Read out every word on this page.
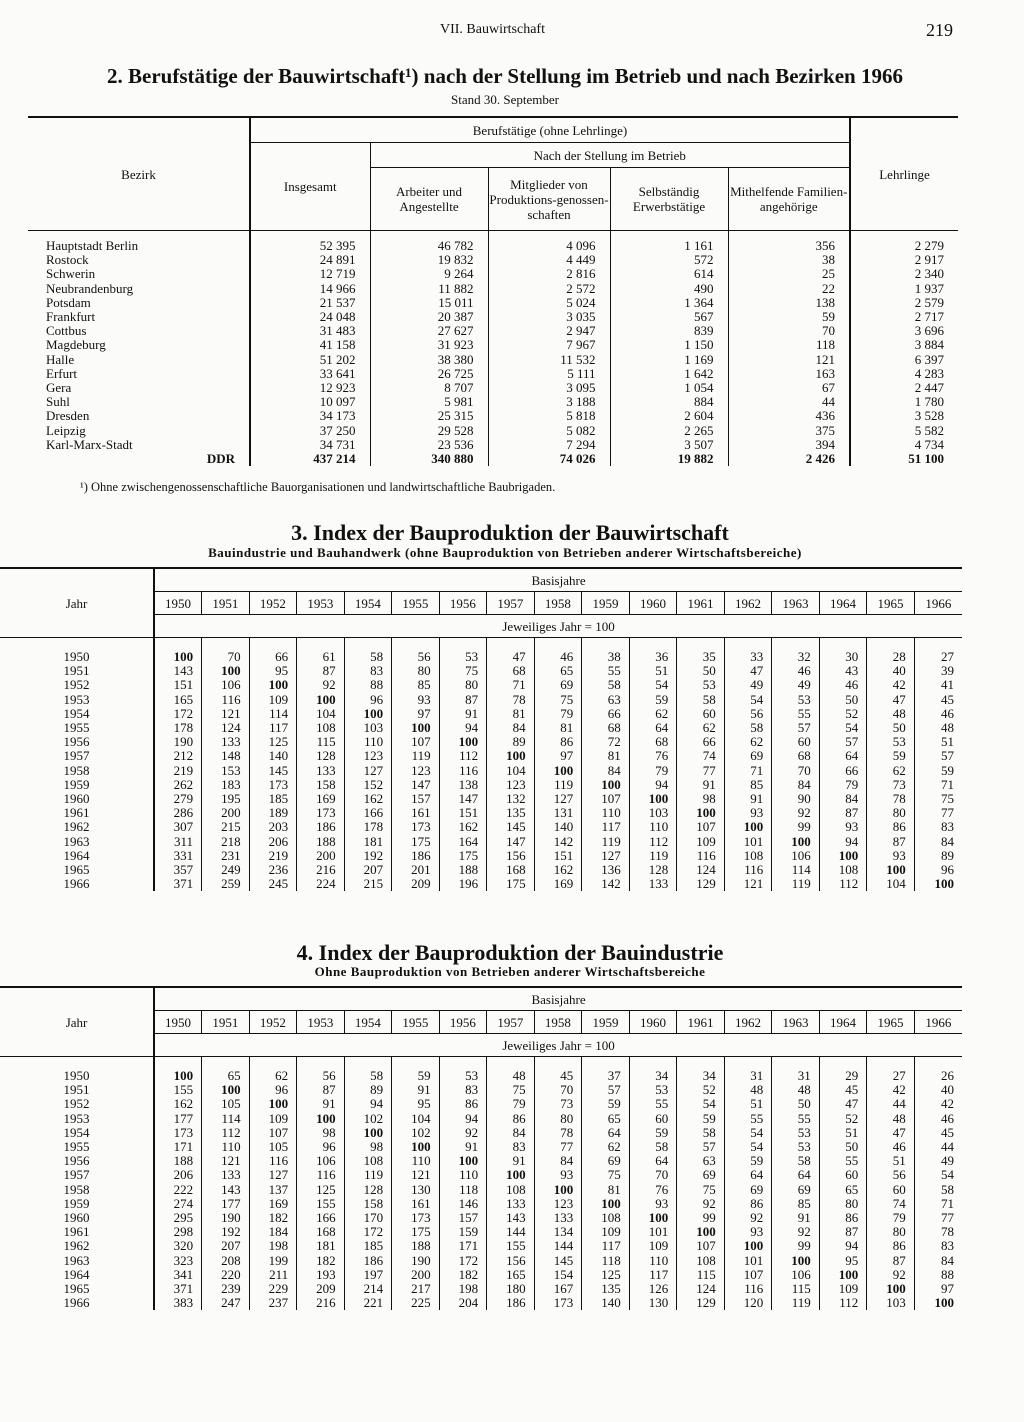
VII. Bauwirtschaft	219
2. Berufstätige der Bauwirtschaft¹) nach der Stellung im Betrieb und nach Bezirken 1966
Stand 30. September
Bezirk	Berufstätige (ohne Lehrlinge)					Lehrlinge
	Insgesamt	Nach der Stellung im Betrieb				
		Arbeiter und Angestellte	Mitglieder von Produktions-genossen-schaften	Selbständig Erwerbstätige	Mithelfende Familien-angehörige	
Hauptstadt Berlin	52 395	46 782	4 096	1 161	356	2 279
Rostock	24 891	19 832	4 449	572	38	2 917
Schwerin	12 719	9 264	2 816	614	25	2 340
Neubrandenburg	14 966	11 882	2 572	490	22	1 937
Potsdam	21 537	15 011	5 024	1 364	138	2 579
Frankfurt	24 048	20 387	3 035	567	59	2 717
Cottbus	31 483	27 627	2 947	839	70	3 696
Magdeburg	41 158	31 923	7 967	1 150	118	3 884
Halle	51 202	38 380	11 532	1 169	121	6 397
Erfurt	33 641	26 725	5 111	1 642	163	4 283
Gera	12 923	8 707	3 095	1 054	67	2 447
Suhl	10 097	5 981	3 188	884	44	1 780
Dresden	34 173	25 315	5 818	2 604	436	3 528
Leipzig	37 250	29 528	5 082	2 265	375	5 582
Karl-Marx-Stadt	34 731	23 536	7 294	3 507	394	4 734
DDR	437 214	340 880	74 026	19 882	2 426	51 100
¹) Ohne zwischengenossenschaftliche Bauorganisationen und landwirtschaftliche Baubrigaden.
3. Index der Bauproduktion der Bauwirtschaft
Bauindustrie und Bauhandwerk (ohne Bauproduktion von Betrieben anderer Wirtschaftsbereiche)
Jahr	Basisjahre																
	1950	1951	1952	1953	1954	1955	1956	1957	1958	1959	1960	1961	1962	1963	1964	1965	1966
	Jeweiliges Jahr = 100																
1950	100	70	66	61	58	56	53	47	46	38	36	35	33	32	30	28	27
1951	143	100	95	87	83	80	75	68	65	55	51	50	47	46	43	40	39
1952	151	106	100	92	88	85	80	71	69	58	54	53	49	49	46	42	41
1953	165	116	109	100	96	93	87	78	75	63	59	58	54	53	50	47	45
1954	172	121	114	104	100	97	91	81	79	66	62	60	56	55	52	48	46
1955	178	124	117	108	103	100	94	84	81	68	64	62	58	57	54	50	48
1956	190	133	125	115	110	107	100	89	86	72	68	66	62	60	57	53	51
1957	212	148	140	128	123	119	112	100	97	81	76	74	69	68	64	59	57
1958	219	153	145	133	127	123	116	104	100	84	79	77	71	70	66	62	59
1959	262	183	173	158	152	147	138	123	119	100	94	91	85	84	79	73	71
1960	279	195	185	169	162	157	147	132	127	107	100	98	91	90	84	78	75
1961	286	200	189	173	166	161	151	135	131	110	103	100	93	92	87	80	77
1962	307	215	203	186	178	173	162	145	140	117	110	107	100	99	93	86	83
1963	311	218	206	188	181	175	164	147	142	119	112	109	101	100	94	87	84
1964	331	231	219	200	192	186	175	156	151	127	119	116	108	106	100	93	89
1965	357	249	236	216	207	201	188	168	162	136	128	124	116	114	108	100	96
1966	371	259	245	224	215	209	196	175	169	142	133	129	121	119	112	104	100
4. Index der Bauproduktion der Bauindustrie
Ohne Bauproduktion von Betrieben anderer Wirtschaftsbereiche
Jahr	Basisjahre																
	1950	1951	1952	1953	1954	1955	1956	1957	1958	1959	1960	1961	1962	1963	1964	1965	1966
	Jeweiliges Jahr = 100																
1950	100	65	62	56	58	59	53	48	45	37	34	34	31	31	29	27	26
1951	155	100	96	87	89	91	83	75	70	57	53	52	48	48	45	42	40
1952	162	105	100	91	94	95	86	79	73	59	55	54	51	50	47	44	42
1953	177	114	109	100	102	104	94	86	80	65	60	59	55	55	52	48	46
1954	173	112	107	98	100	102	92	84	78	64	59	58	54	53	51	47	45
1955	171	110	105	96	98	100	91	83	77	62	58	57	54	53	50	46	44
1956	188	121	116	106	108	110	100	91	84	69	64	63	59	58	55	51	49
1957	206	133	127	116	119	121	110	100	93	75	70	69	64	64	60	56	54
1958	222	143	137	125	128	130	118	108	100	81	76	75	69	69	65	60	58
1959	274	177	169	155	158	161	146	133	123	100	93	92	86	85	80	74	71
1960	295	190	182	166	170	173	157	143	133	108	100	99	92	91	86	79	77
1961	298	192	184	168	172	175	159	144	134	109	101	100	93	92	87	80	78
1962	320	207	198	181	185	188	171	155	144	117	109	107	100	99	94	86	83
1963	323	208	199	182	186	190	172	156	145	118	110	108	101	100	95	87	84
1964	341	220	211	193	197	200	182	165	154	125	117	115	107	106	100	92	88
1965	371	239	229	209	214	217	198	180	167	135	126	124	116	115	109	100	97
1966	383	247	237	216	221	225	204	186	173	140	130	129	120	119	112	103	100
